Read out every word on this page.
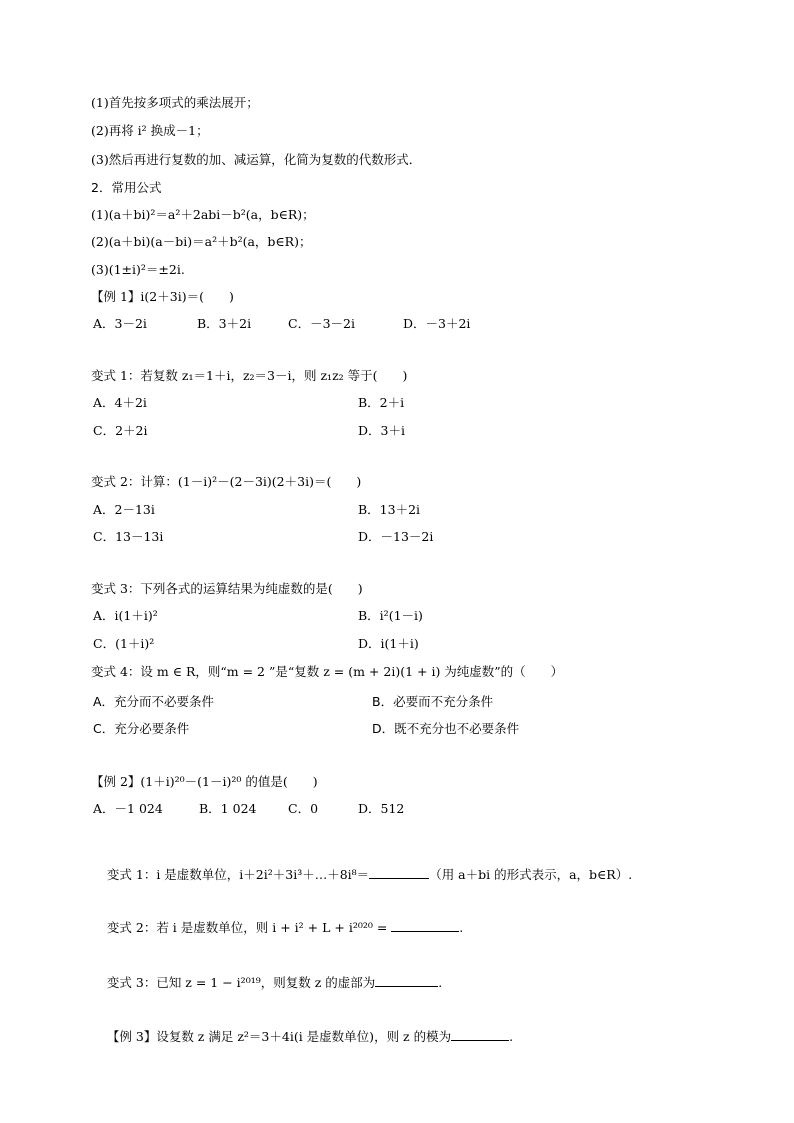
(1)首先按多项式的乘法展开；
(2)再将 i² 换成－1；
(3)然后再进行复数的加、减运算，化简为复数的代数形式．
2．常用公式
(1)(a＋bi)²＝a²＋2abi－b²(a，b∈R)；
(2)(a＋bi)(a－bi)＝a²＋b²(a，b∈R)；
(3)(1±i)²＝±2i.
【例 1】i(2＋3i)＝(　　)
A．3－2i	B．3＋2i	C．－3－2i	D．－3＋2i
变式 1：若复数 z₁＝1＋i，z₂＝3－i，则 z₁z₂ 等于(　　)
A．4＋2i	B．2＋i
C．2＋2i	D．3＋i
变式 2：计算：(1－i)²－(2－3i)(2＋3i)＝(　　)
A．2－13i	B．13＋2i
C．13－13i	D．－13－2i
变式 3：下列各式的运算结果为纯虚数的是(　　)
A．i(1＋i)²	B．i²(1－i)
C．(1＋i)²	D．i(1＋i)
变式 4：设 m ∈ R，则“m = 2 ”是“复数 z = (m + 2i)(1 + i) 为纯虚数”的（　　）
A．充分而不必要条件	B．必要而不充分条件
C．充分必要条件	D．既不充分也不必要条件
【例 2】(1＋i)²⁰－(1－i)²⁰ 的值是(　　)
A．－1 024	B．1 024	C．0	D．512

变式 1：i 是虚数单位，i＋2i²＋3i³＋…＋8i⁸＝	（用 a＋bi 的形式表示，a，b∈R）.

变式 2：若 i 是虚数单位，则 i + i² + L + i²⁰²⁰ =	.

变式 3：已知 z = 1 − i²⁰¹⁹，则复数 z 的虚部为	.

【例 3】设复数 z 满足 z²＝3＋4i(i 是虚数单位)，则 z 的模为	.
